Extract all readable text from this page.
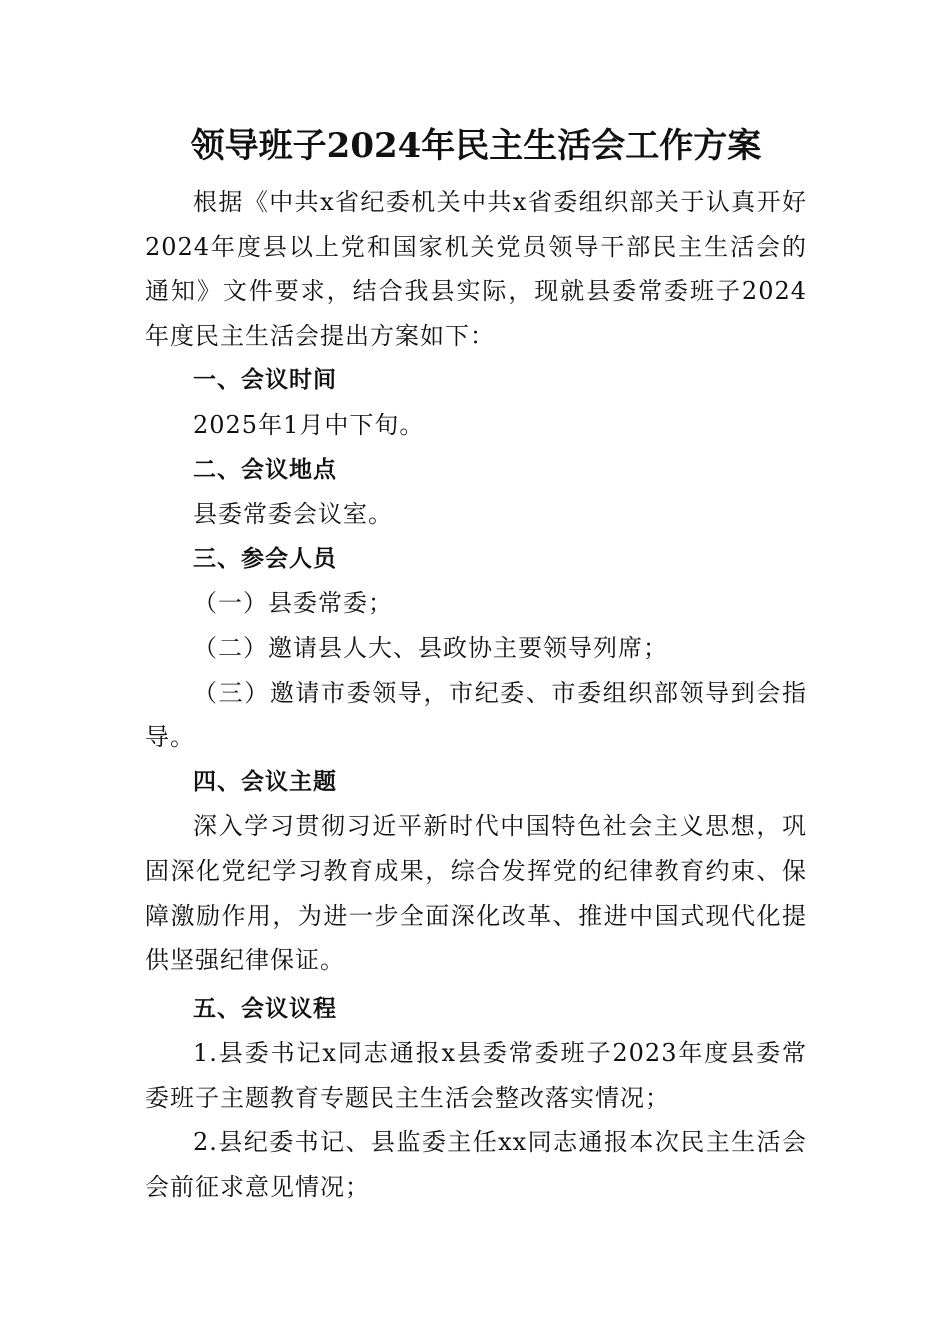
领导班子2024年民主生活会工作方案

根据《中共x省纪委机关中共x省委组织部关于认真开好2024年度县以上党和国家机关党员领导干部民主生活会的通知》文件要求，结合我县实际，现就县委常委班子2024年度民主生活会提出方案如下：

一、会议时间

2025年1月中下旬。

二、会议地点

县委常委会议室。

三、参会人员

（一）县委常委；

（二）邀请县人大、县政协主要领导列席；

（三）邀请市委领导，市纪委、市委组织部领导到会指导。

四、会议主题

深入学习贯彻习近平新时代中国特色社会主义思想，巩固深化党纪学习教育成果，综合发挥党的纪律教育约束、保障激励作用，为进一步全面深化改革、推进中国式现代化提供坚强纪律保证。

五、会议议程

1.县委书记x同志通报x县委常委班子2023年度县委常委班子主题教育专题民主生活会整改落实情况；

2.县纪委书记、县监委主任xx同志通报本次民主生活会会前征求意见情况；
